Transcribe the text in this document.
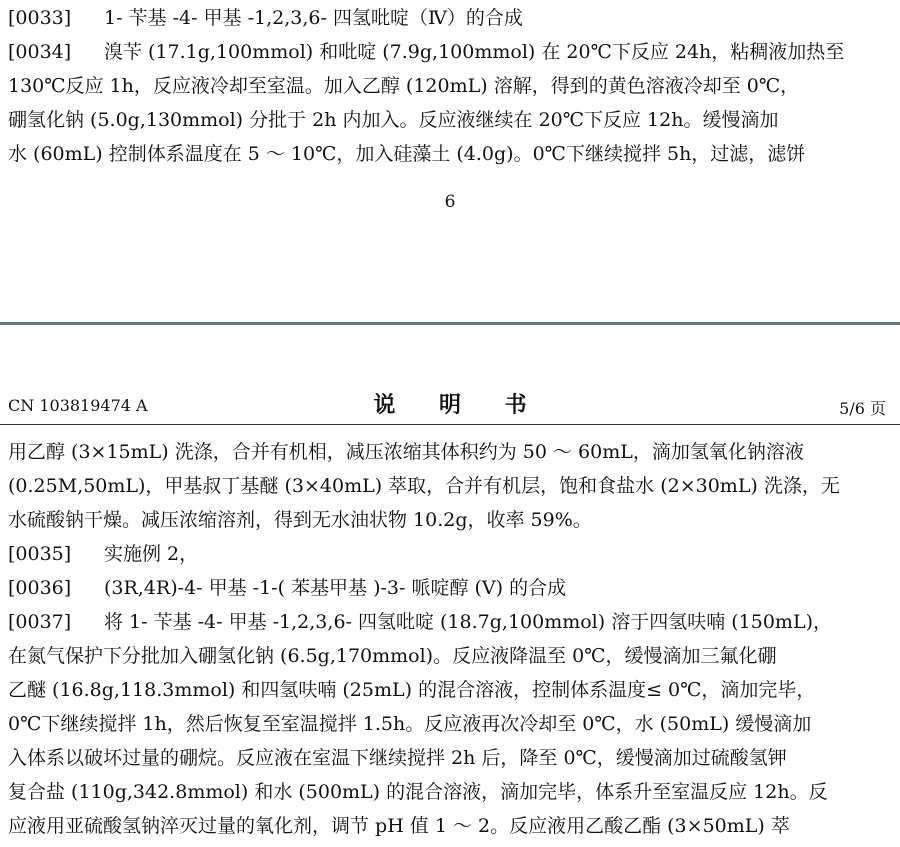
[0033] 1- 苄基 -4- 甲基 -1,2,3,6- 四氢吡啶（Ⅳ）的合成
[0034] 溴苄 (17.1g,100mmol) 和吡啶 (7.9g,100mmol) 在 20℃下反应 24h，粘稠液加热至
130℃反应 1h，反应液冷却至室温。加入乙醇 (120mL) 溶解，得到的黄色溶液冷却至 0℃，
硼氢化钠 (5.0g,130mmol) 分批于 2h 内加入。反应液继续在 20℃下反应 12h。缓慢滴加
水 (60mL) 控制体系温度在 5 ～ 10℃，加入硅藻土 (4.0g)。0℃下继续搅拌 5h，过滤，滤饼
6
CN 103819474 A	说 明 书	5/6 页
用乙醇 (3×15mL) 洗涤，合并有机相，减压浓缩其体积约为 50 ～ 60mL，滴加氢氧化钠溶液
(0.25M,50mL)，甲基叔丁基醚 (3×40mL) 萃取，合并有机层，饱和食盐水 (2×30mL) 洗涤，无
水硫酸钠干燥。减压浓缩溶剂，得到无水油状物 10.2g，收率 59%。
[0035] 实施例 2，
[0036] (3R,4R)-4- 甲基 -1-( 苯基甲基 )-3- 哌啶醇 (V) 的合成
[0037] 将 1- 苄基 -4- 甲基 -1,2,3,6- 四氢吡啶 (18.7g,100mmol) 溶于四氢呋喃 (150mL)，
在氮气保护下分批加入硼氢化钠 (6.5g,170mmol)。反应液降温至 0℃，缓慢滴加三氟化硼
乙醚 (16.8g,118.3mmol) 和四氢呋喃 (25mL) 的混合溶液，控制体系温度≤ 0℃，滴加完毕，
0℃下继续搅拌 1h，然后恢复至室温搅拌 1.5h。反应液再次冷却至 0℃，水 (50mL) 缓慢滴加
入体系以破坏过量的硼烷。反应液在室温下继续搅拌 2h 后，降至 0℃，缓慢滴加过硫酸氢钾
复合盐 (110g,342.8mmol) 和水 (500mL) 的混合溶液，滴加完毕，体系升至室温反应 12h。反
应液用亚硫酸氢钠淬灭过量的氧化剂，调节 pH 值 1 ～ 2。反应液用乙酸乙酯 (3×50mL) 萃
